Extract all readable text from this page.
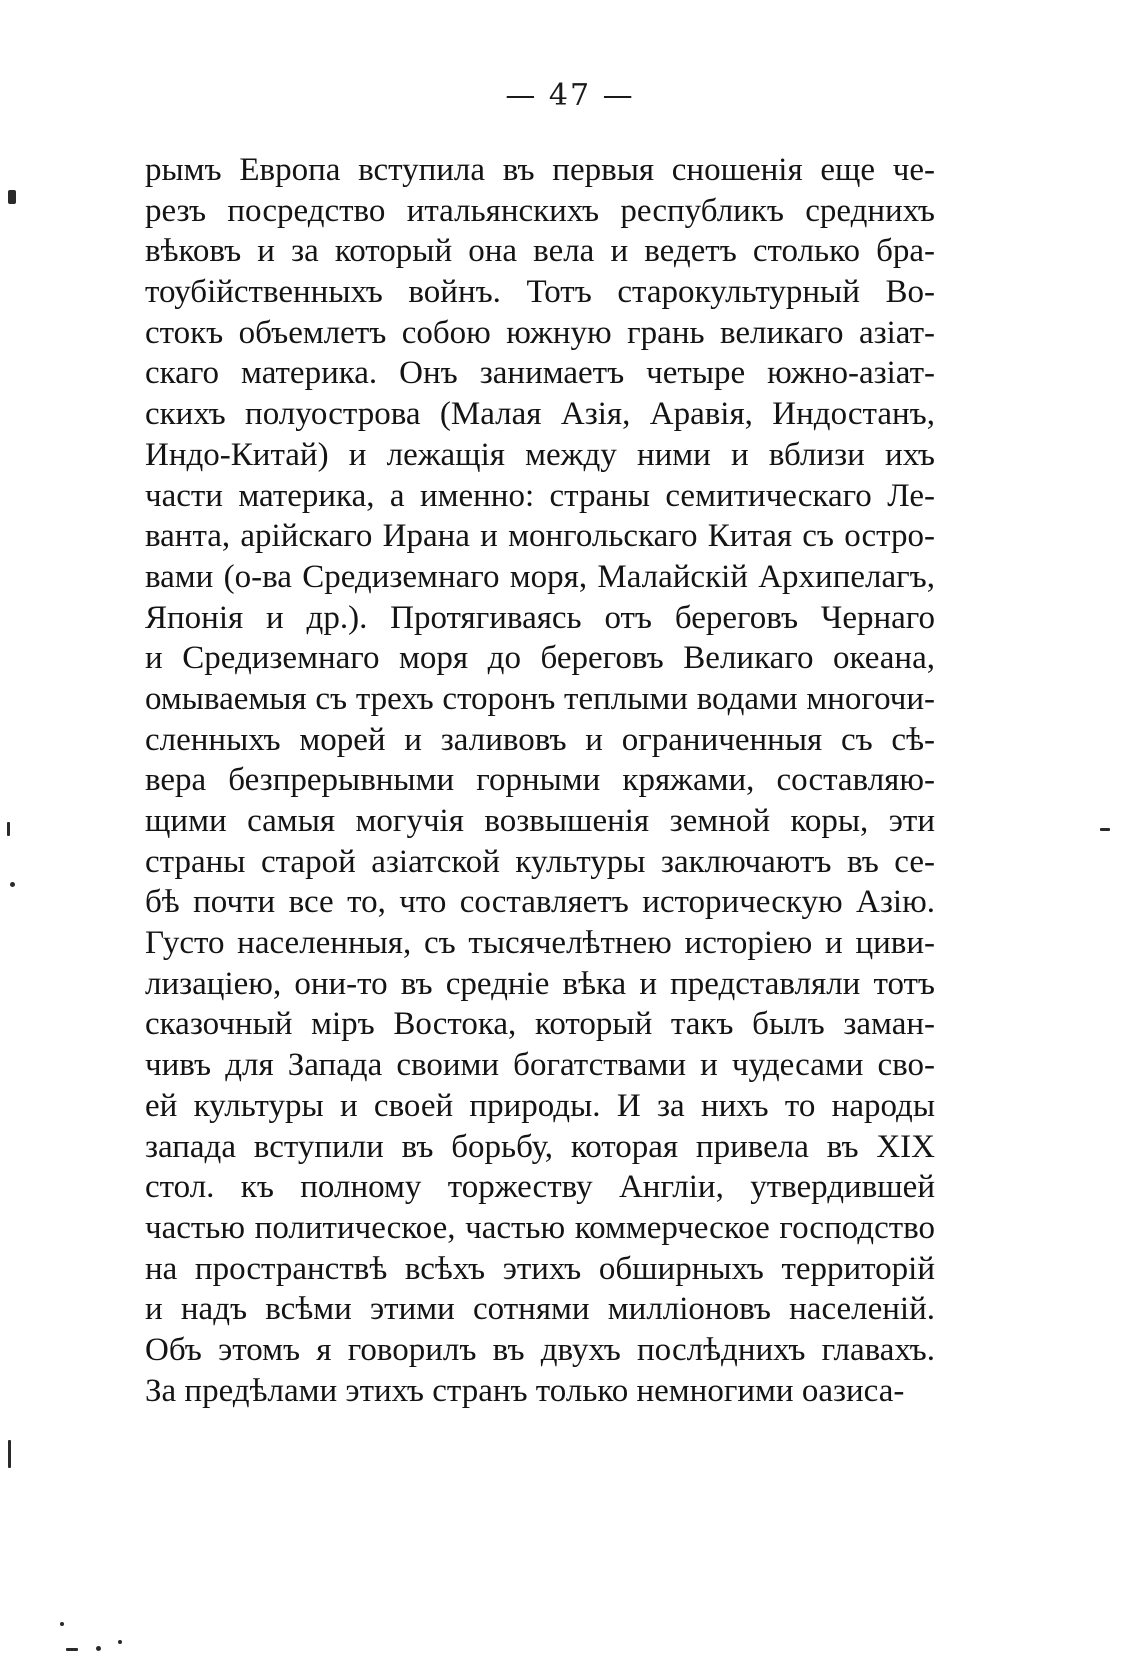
— 47 —
рымъ Европа вступила въ первыя сношенія еще че-
резъ посредство итальянскихъ республикъ среднихъ
вѣковъ и за который она вела и ведетъ столько бра-
тоубійственныхъ войнъ. Тотъ старокультурный Во-
стокъ объемлетъ собою южную грань великаго азіат-
скаго материка. Онъ занимаетъ четыре южно-азіат-
скихъ полуострова (Малая Азія, Аравія, Индостанъ,
Индо-Китай) и лежащія между ними и вблизи ихъ
части материка, а именно: страны семитическаго Ле-
ванта, арійскаго Ирана и монгольскаго Китая съ остро-
вами (о-ва Средиземнаго моря, Малайскій Архипелагъ,
Японія и др.). Протягиваясь отъ береговъ Чернаго
и Средиземнаго моря до береговъ Великаго океана,
омываемыя съ трехъ сторонъ теплыми водами многочи-
сленныхъ морей и заливовъ и ограниченныя съ сѣ-
вера безпрерывными горными кряжами, составляю-
щими самыя могучія возвышенія земной коры, эти
страны старой азіатской культуры заключаютъ въ се-
бѣ почти все то, что составляетъ историческую Азію.
Густо населенныя, съ тысячелѣтнею исторіею и циви-
лизаціею, они-то въ средніе вѣка и представляли тотъ
сказочный міръ Востока, который такъ былъ заман-
чивъ для Запада своими богатствами и чудесами сво-
ей культуры и своей природы. И за нихъ то народы
запада вступили въ борьбу, которая привела въ XIX
стол. къ полному торжеству Англіи, утвердившей
частью политическое, частью коммерческое господство
на пространствѣ всѣхъ этихъ обширныхъ территорій
и надъ всѣми этими сотнями миллiоновъ населеній.
Объ этомъ я говорилъ въ двухъ послѣднихъ главахъ.
За предѣлами этихъ странъ только немногими оазиса-
